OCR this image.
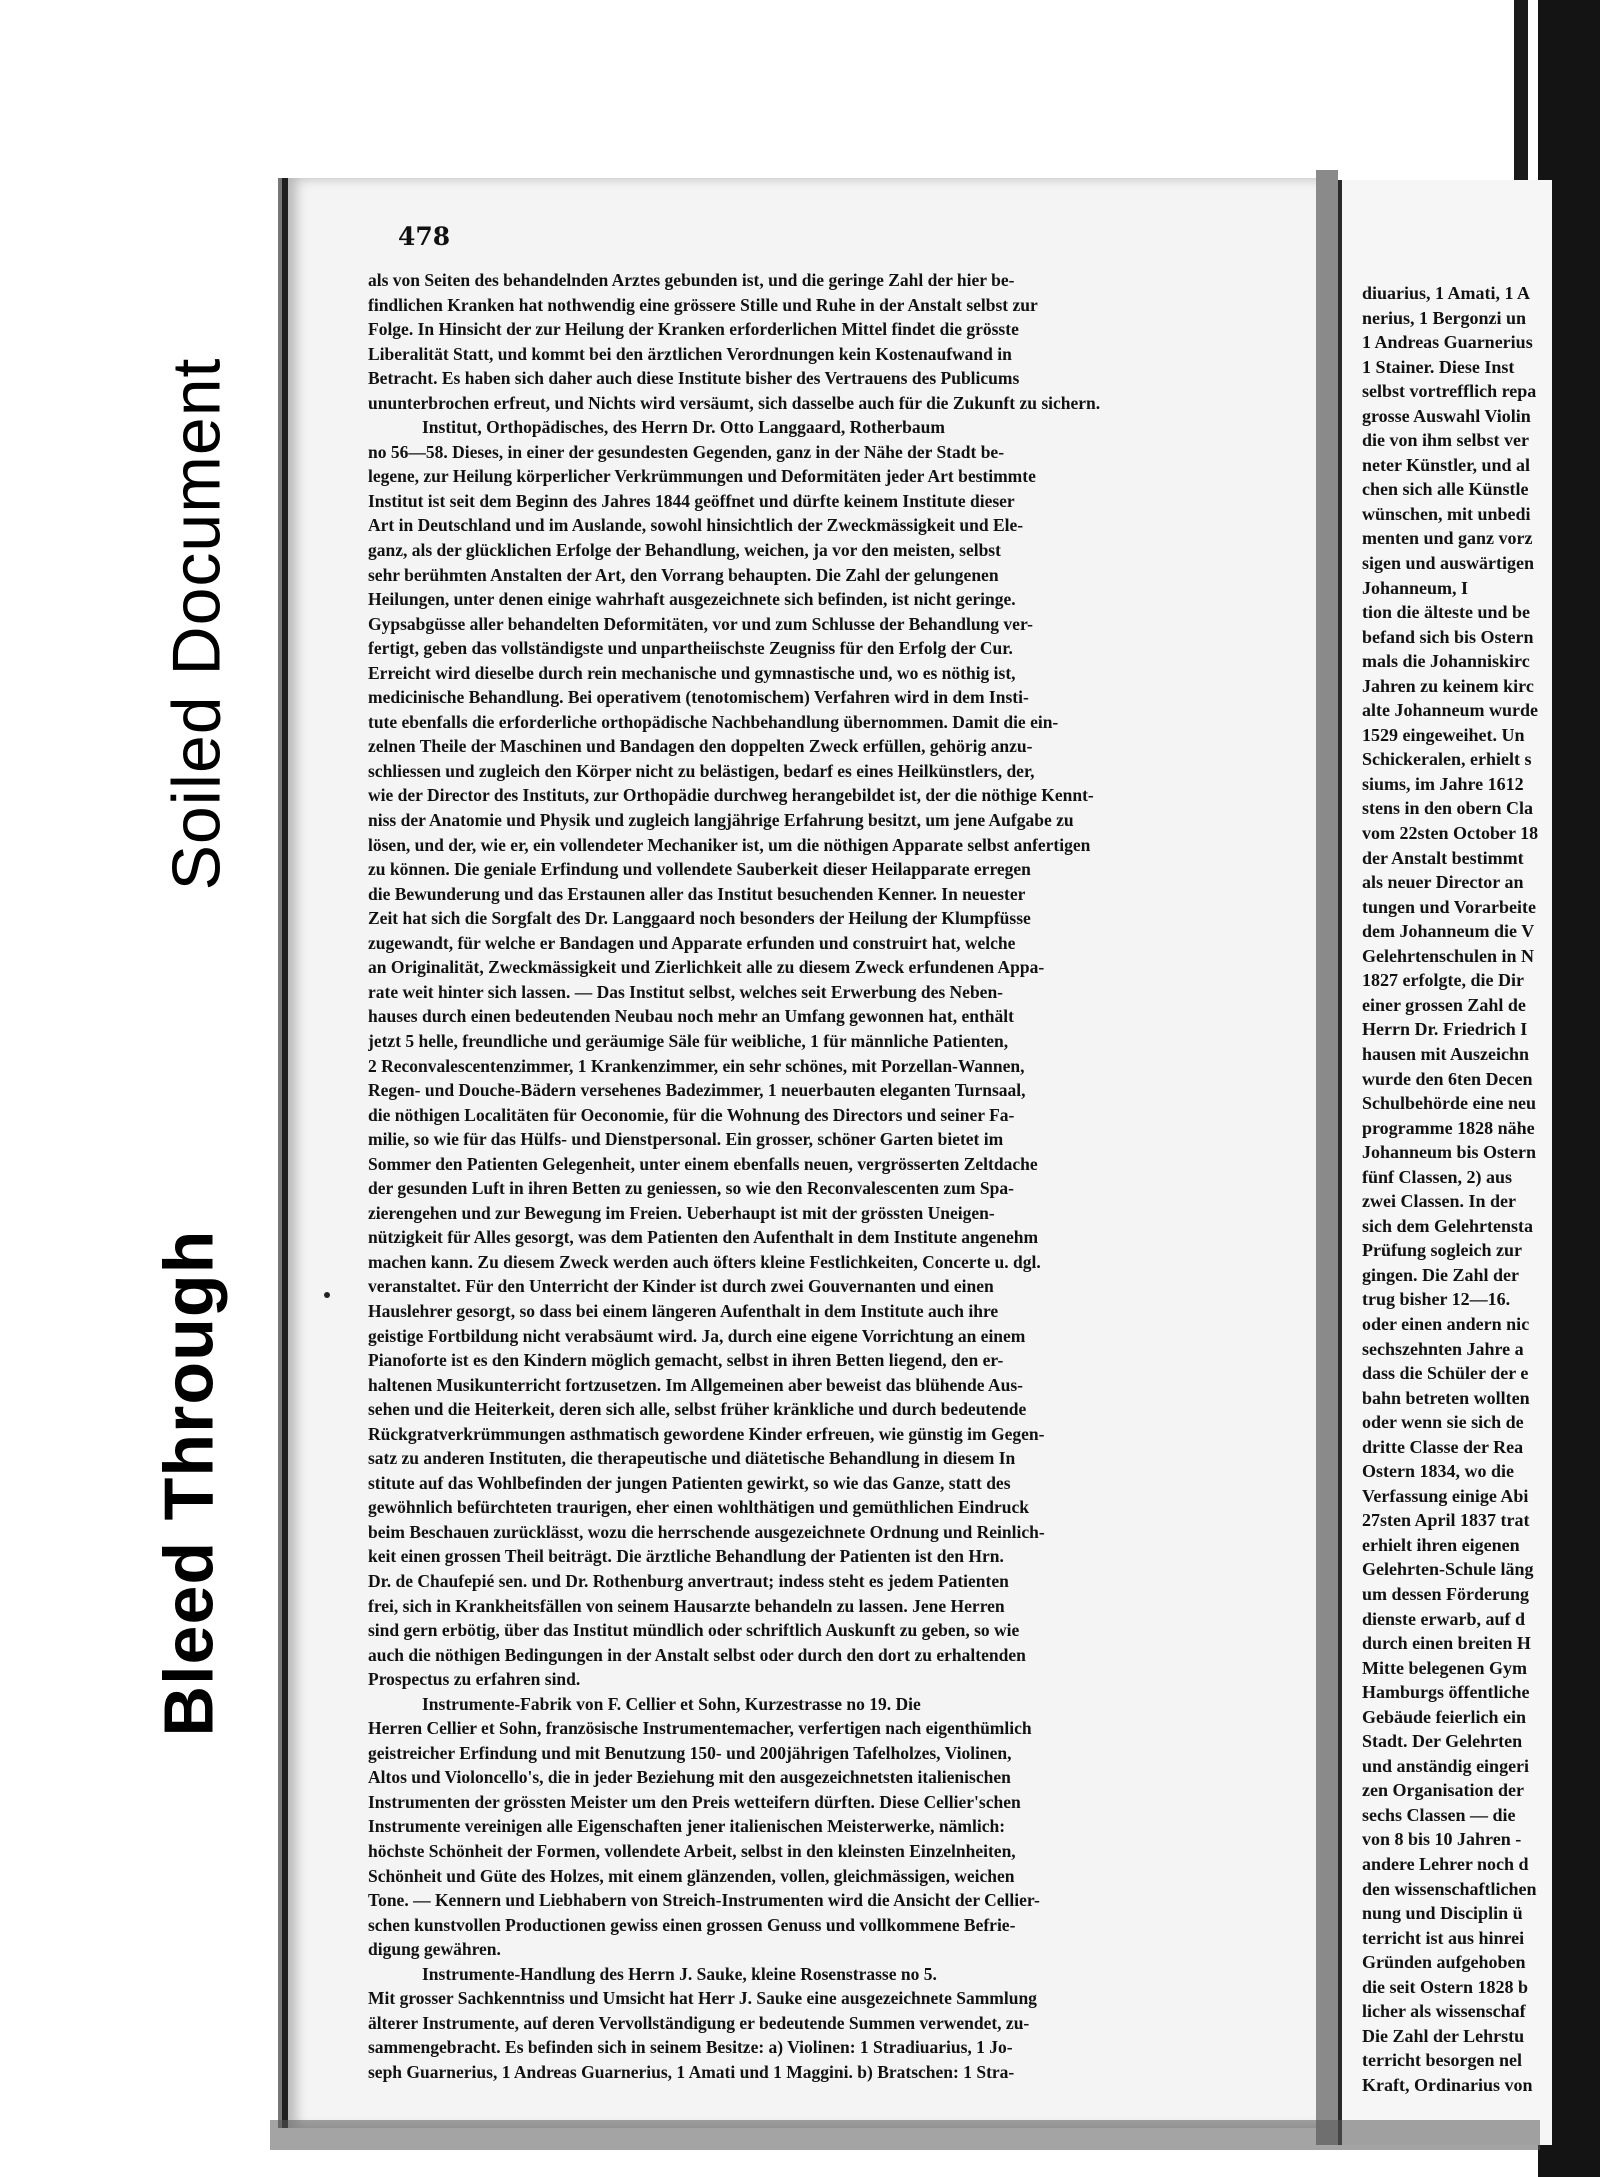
478
als von Seiten des behandelnden Arztes gebunden ist, und die geringe Zahl der hier be-
findlichen Kranken hat nothwendig eine grössere Stille und Ruhe in der Anstalt selbst zur
Folge. In Hinsicht der zur Heilung der Kranken erforderlichen Mittel findet die grösste
Liberalität Statt, und kommt bei den ärztlichen Verordnungen kein Kostenaufwand in
Betracht. Es haben sich daher auch diese Institute bisher des Vertrauens des Publicums
ununterbrochen erfreut, und Nichts wird versäumt, sich dasselbe auch für die Zukunft zu sichern.
Institut, Orthopädisches, des Herrn Dr. Otto Langgaard, Rotherbaum
no 56—58. Dieses, in einer der gesundesten Gegenden, ganz in der Nähe der Stadt be-
legene, zur Heilung körperlicher Verkrümmungen und Deformitäten jeder Art bestimmte
Institut ist seit dem Beginn des Jahres 1844 geöffnet und dürfte keinem Institute dieser
Art in Deutschland und im Auslande, sowohl hinsichtlich der Zweckmässigkeit und Ele-
ganz, als der glücklichen Erfolge der Behandlung, weichen, ja vor den meisten, selbst
sehr berühmten Anstalten der Art, den Vorrang behaupten. Die Zahl der gelungenen
Heilungen, unter denen einige wahrhaft ausgezeichnete sich befinden, ist nicht geringe.
Gypsabgüsse aller behandelten Deformitäten, vor und zum Schlusse der Behandlung ver-
fertigt, geben das vollständigste und unpartheiischste Zeugniss für den Erfolg der Cur.
Erreicht wird dieselbe durch rein mechanische und gymnastische und, wo es nöthig ist,
medicinische Behandlung. Bei operativem (tenotomischem) Verfahren wird in dem Insti-
tute ebenfalls die erforderliche orthopädische Nachbehandlung übernommen. Damit die ein-
zelnen Theile der Maschinen und Bandagen den doppelten Zweck erfüllen, gehörig anzu-
schliessen und zugleich den Körper nicht zu belästigen, bedarf es eines Heilkünstlers, der,
wie der Director des Instituts, zur Orthopädie durchweg herangebildet ist, der die nöthige Kennt-
niss der Anatomie und Physik und zugleich langjährige Erfahrung besitzt, um jene Aufgabe zu
lösen, und der, wie er, ein vollendeter Mechaniker ist, um die nöthigen Apparate selbst anfertigen
zu können. Die geniale Erfindung und vollendete Sauberkeit dieser Heilapparate erregen
die Bewunderung und das Erstaunen aller das Institut besuchenden Kenner. In neuester
Zeit hat sich die Sorgfalt des Dr. Langgaard noch besonders der Heilung der Klumpfüsse
zugewandt, für welche er Bandagen und Apparate erfunden und construirt hat, welche
an Originalität, Zweckmässigkeit und Zierlichkeit alle zu diesem Zweck erfundenen Appa-
rate weit hinter sich lassen. — Das Institut selbst, welches seit Erwerbung des Neben-
hauses durch einen bedeutenden Neubau noch mehr an Umfang gewonnen hat, enthält
jetzt 5 helle, freundliche und geräumige Säle für weibliche, 1 für männliche Patienten,
2 Reconvalescentenzimmer, 1 Krankenzimmer, ein sehr schönes, mit Porzellan-Wannen,
Regen- und Douche-Bädern versehenes Badezimmer, 1 neuerbauten eleganten Turnsaal,
die nöthigen Localitäten für Oeconomie, für die Wohnung des Directors und seiner Fa-
milie, so wie für das Hülfs- und Dienstpersonal. Ein grosser, schöner Garten bietet im
Sommer den Patienten Gelegenheit, unter einem ebenfalls neuen, vergrösserten Zeltdache
der gesunden Luft in ihren Betten zu geniessen, so wie den Reconvalescenten zum Spa-
zierengehen und zur Bewegung im Freien. Ueberhaupt ist mit der grössten Uneigen-
nützigkeit für Alles gesorgt, was dem Patienten den Aufenthalt in dem Institute angenehm
machen kann. Zu diesem Zweck werden auch öfters kleine Festlichkeiten, Concerte u. dgl.
veranstaltet. Für den Unterricht der Kinder ist durch zwei Gouvernanten und einen
Hauslehrer gesorgt, so dass bei einem längeren Aufenthalt in dem Institute auch ihre
geistige Fortbildung nicht verabsäumt wird. Ja, durch eine eigene Vorrichtung an einem
Pianoforte ist es den Kindern möglich gemacht, selbst in ihren Betten liegend, den er-
haltenen Musikunterricht fortzusetzen. Im Allgemeinen aber beweist das blühende Aus-
sehen und die Heiterkeit, deren sich alle, selbst früher kränkliche und durch bedeutende
Rückgratverkrümmungen asthmatisch gewordene Kinder erfreuen, wie günstig im Gegen-
satz zu anderen Instituten, die therapeutische und diätetische Behandlung in diesem In
stitute auf das Wohlbefinden der jungen Patienten gewirkt, so wie das Ganze, statt des
gewöhnlich befürchteten traurigen, eher einen wohlthätigen und gemüthlichen Eindruck
beim Beschauen zurücklässt, wozu die herrschende ausgezeichnete Ordnung und Reinlich-
keit einen grossen Theil beiträgt. Die ärztliche Behandlung der Patienten ist den Hrn.
Dr. de Chaufepié sen. und Dr. Rothenburg anvertraut; indess steht es jedem Patienten
frei, sich in Krankheitsfällen von seinem Hausarzte behandeln zu lassen. Jene Herren
sind gern erbötig, über das Institut mündlich oder schriftlich Auskunft zu geben, so wie
auch die nöthigen Bedingungen in der Anstalt selbst oder durch den dort zu erhaltenden
Prospectus zu erfahren sind.
Instrumente-Fabrik von F. Cellier et Sohn, Kurzestrasse no 19. Die
Herren Cellier et Sohn, französische Instrumentemacher, verfertigen nach eigenthümlich
geistreicher Erfindung und mit Benutzung 150- und 200jährigen Tafelholzes, Violinen,
Altos und Violoncello's, die in jeder Beziehung mit den ausgezeichnetsten italienischen
Instrumenten der grössten Meister um den Preis wetteifern dürften. Diese Cellier'schen
Instrumente vereinigen alle Eigenschaften jener italienischen Meisterwerke, nämlich:
höchste Schönheit der Formen, vollendete Arbeit, selbst in den kleinsten Einzelnheiten,
Schönheit und Güte des Holzes, mit einem glänzenden, vollen, gleichmässigen, weichen
Tone. — Kennern und Liebhabern von Streich-Instrumenten wird die Ansicht der Cellier-
schen kunstvollen Productionen gewiss einen grossen Genuss und vollkommene Befrie-
digung gewähren.
Instrumente-Handlung des Herrn J. Sauke, kleine Rosenstrasse no 5.
Mit grosser Sachkenntniss und Umsicht hat Herr J. Sauke eine ausgezeichnete Sammlung
älterer Instrumente, auf deren Vervollständigung er bedeutende Summen verwendet, zu-
sammengebracht. Es befinden sich in seinem Besitze: a) Violinen: 1 Stradiuarius, 1 Jo-
seph Guarnerius, 1 Andreas Guarnerius, 1 Amati und 1 Maggini. b) Bratschen: 1 Stra-
diuarius, 1 Amati, 1 A
nerius, 1 Bergonzi un
1 Andreas Guarnerius
1 Stainer. Diese Inst
selbst vortrefflich repa
grosse Auswahl Violin
die von ihm selbst ver
neter Künstler, und al
chen sich alle Künstle
wünschen, mit unbedi
menten und ganz vorz
sigen und auswärtigen
Johanneum, I
tion die älteste und be
befand sich bis Ostern
mals die Johanniskirc
Jahren zu keinem kirc
alte Johanneum wurde
1529 eingeweihet. Un
Schickeralen, erhielt s
siums, im Jahre 1612
stens in den obern Cla
vom 22sten October 18
der Anstalt bestimmt
als neuer Director an
tungen und Vorarbeite
dem Johanneum die V
Gelehrtenschulen in N
1827 erfolgte, die Dir
einer grossen Zahl de
Herrn Dr. Friedrich I
hausen mit Auszeichn
wurde den 6ten Decen
Schulbehörde eine neu
programme 1828 nähe
Johanneum bis Ostern
fünf Classen, 2) aus
zwei Classen. In der
sich dem Gelehrtensta
Prüfung sogleich zur
gingen. Die Zahl der
trug bisher 12—16.
oder einen andern nic
sechszehnten Jahre a
dass die Schüler der e
bahn betreten wollten
oder wenn sie sich de
dritte Classe der Rea
Ostern 1834, wo die
Verfassung einige Abi
27sten April 1837 trat
erhielt ihren eigenen
Gelehrten-Schule läng
um dessen Förderung
dienste erwarb, auf d
durch einen breiten H
Mitte belegenen Gym
Hamburgs öffentliche
Gebäude feierlich ein
Stadt. Der Gelehrten
und anständig eingeri
zen Organisation der
sechs Classen — die
von 8 bis 10 Jahren -
andere Lehrer noch d
den wissenschaftlichen
nung und Disciplin ü
terricht ist aus hinrei
Gründen aufgehoben
die seit Ostern 1828 b
licher als wissenschaf
Die Zahl der Lehrstu
terricht besorgen nel
Kraft, Ordinarius von
Soiled Document
Bleed Through
